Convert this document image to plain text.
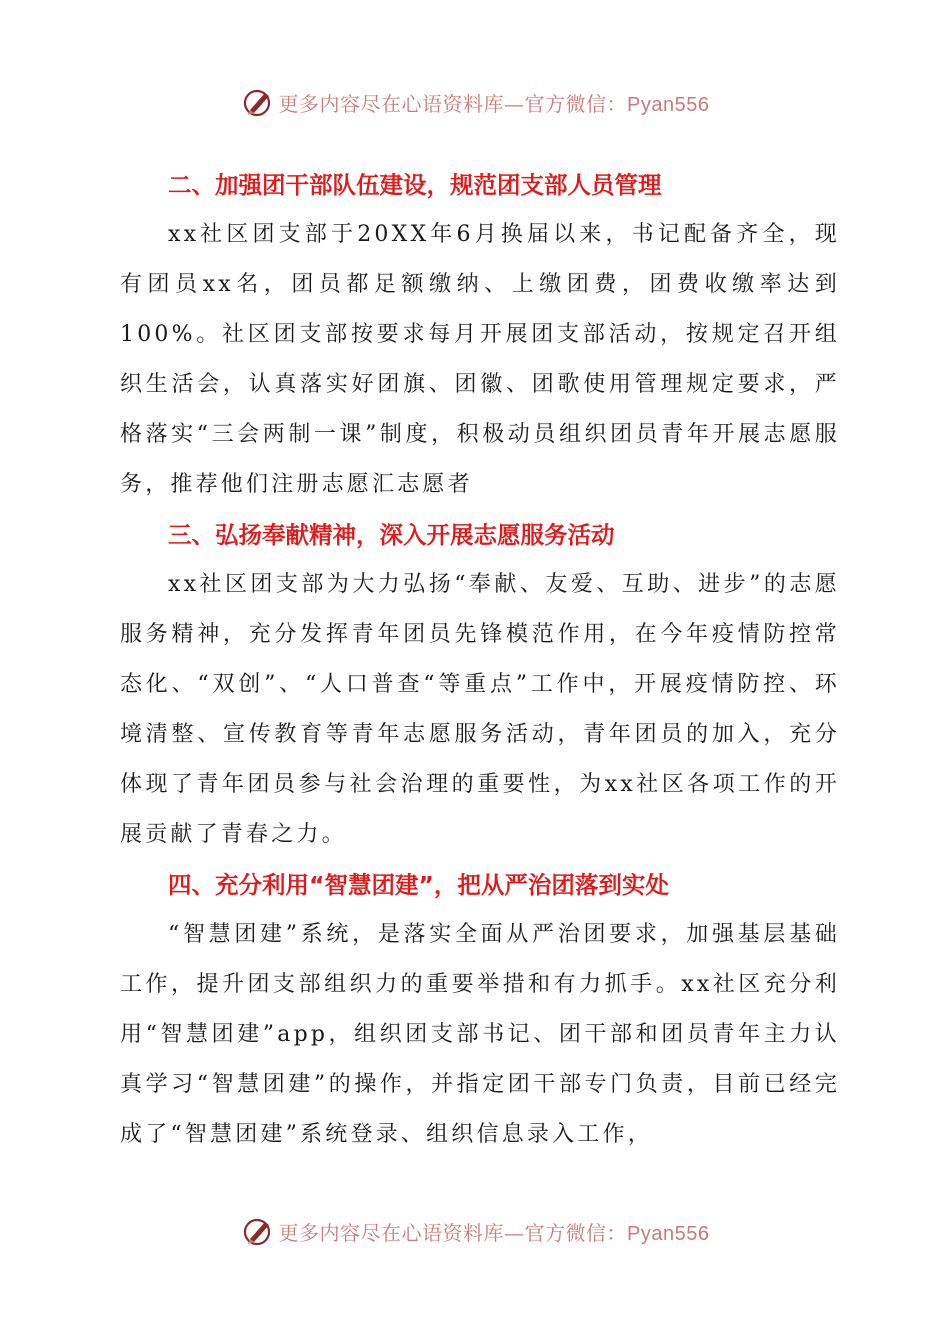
更多内容尽在心语资料库—官方微信：Pyan556
二、加强团干部队伍建设，规范团支部人员管理

xx社区团支部于20XX年6月换届以来，书记配备齐全，现有团员xx名，团员都足额缴纳、上缴团费，团费收缴率达到100%。社区团支部按要求每月开展团支部活动，按规定召开组织生活会，认真落实好团旗、团徽、团歌使用管理规定要求，严格落实“三会两制一课”制度，积极动员组织团员青年开展志愿服务，推荐他们注册志愿汇志愿者

三、弘扬奉献精神，深入开展志愿服务活动

xx社区团支部为大力弘扬“奉献、友爱、互助、进步”的志愿服务精神，充分发挥青年团员先锋模范作用，在今年疫情防控常态化、“双创”、“人口普查“等重点”工作中，开展疫情防控、环境清整、宣传教育等青年志愿服务活动，青年团员的加入，充分体现了青年团员参与社会治理的重要性，为xx社区各项工作的开展贡献了青春之力。

四、充分利用“智慧团建”，把从严治团落到实处

“智慧团建”系统，是落实全面从严治团要求，加强基层基础工作，提升团支部组织力的重要举措和有力抓手。xx社区充分利用“智慧团建”app，组织团支部书记、团干部和团员青年主力认真学习“智慧团建”的操作，并指定团干部专门负责，目前已经完成了“智慧团建”系统登录、组织信息录入工作，

更多内容尽在心语资料库—官方微信：Pyan556
